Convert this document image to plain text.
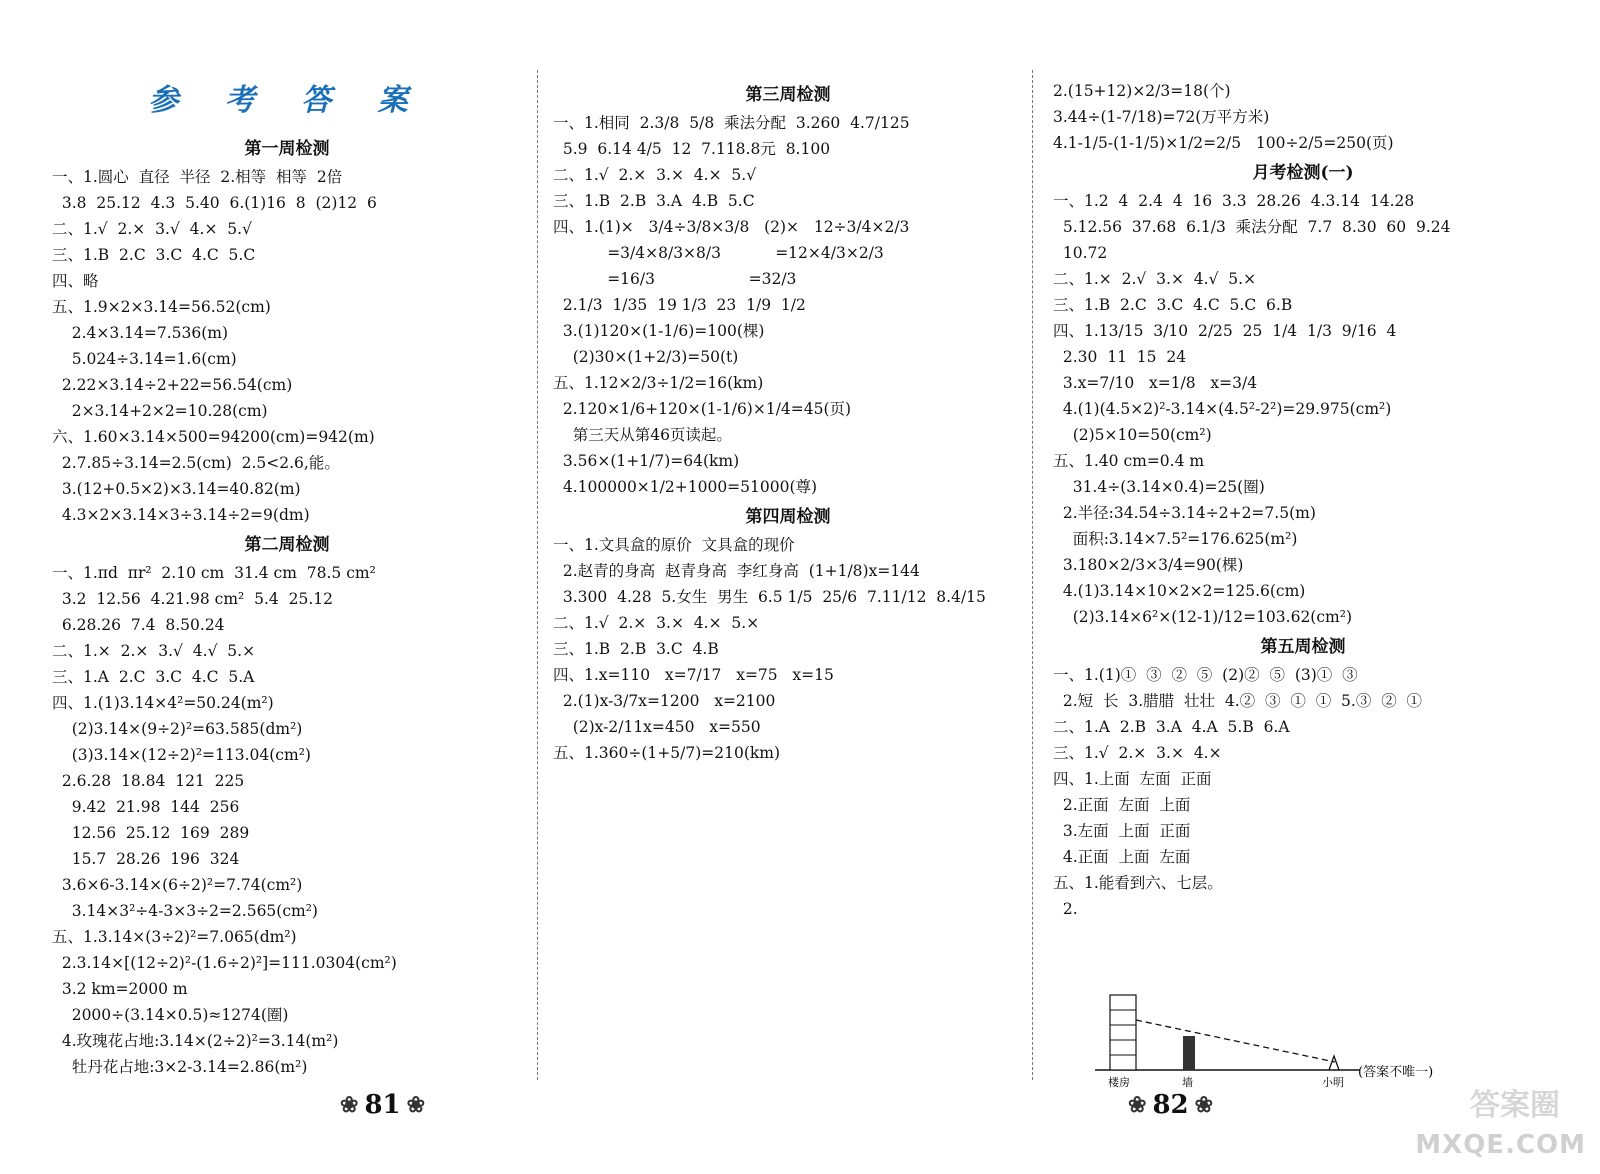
参 考 答 案
第一周检测
一、1.圆心  直径  半径  2.相等  相等  2倍
3.8  25.12  4.3  5.40  6.(1)16  8  (2)12  6
二、1.√  2.×  3.√  4.×  5.√
三、1.B  2.C  3.C  4.C  5.C
四、略
五、1.9×2×3.14=56.52(cm)
2.4×3.14=7.536(m)
5.024÷3.14=1.6(cm)
2.22×3.14÷2+22=56.54(cm)
2×3.14+2×2=10.28(cm)
六、1.60×3.14×500=94200(cm)=942(m)
2.7.85÷3.14=2.5(cm)  2.5<2.6,能。
3.(12+0.5×2)×3.14=40.82(m)
4.3×2×3.14×3÷3.14÷2=9(dm)
第二周检测
一、1.πd  πr²  2.10 cm  31.4 cm  78.5 cm²
3.2  12.56  4.21.98 cm²  5.4  25.12
6.28.26  7.4  8.50.24
二、1.×  2.×  3.√  4.√  5.×
三、1.A  2.C  3.C  4.C  5.A
四、1.(1)3.14×4²=50.24(m²)
(2)3.14×(9÷2)²=63.585(dm²)
(3)3.14×(12÷2)²=113.04(cm²)
2.6.28  18.84  121  225
9.42  21.98  144  256
12.56  25.12  169  289
15.7  28.26  196  324
3.6×6-3.14×(6÷2)²=7.74(cm²)
3.14×3²÷4-3×3÷2=2.565(cm²)
五、1.3.14×(3÷2)²=7.065(dm²)
2.3.14×[(12÷2)²-(1.6÷2)²]=111.0304(cm²)
3.2 km=2000 m
2000÷(3.14×0.5)≈1274(圈)
4.玫瑰花占地:3.14×(2÷2)²=3.14(m²)
牡丹花占地:3×2-3.14=2.86(m²)
第三周检测
一、1.相同  2.3/8  5/8  乘法分配  3.260  4.7/125
5.9  6.14 4/5  12  7.118.8元  8.100
二、1.√  2.×  3.×  4.×  5.√
三、1.B  2.B  3.A  4.B  5.C
四、1.(1)×   3/4÷3/8×3/8   (2)×   12÷3/4×2/3
=3/4×8/3×8/3           =12×4/3×2/3
=16/3                   =32/3
2.1/3  1/35  19 1/3  23  1/9  1/2
3.(1)120×(1-1/6)=100(棵)
(2)30×(1+2/3)=50(t)
五、1.12×2/3÷1/2=16(km)
2.120×1/6+120×(1-1/6)×1/4=45(页)
第三天从第46页读起。
3.56×(1+1/7)=64(km)
4.100000×1/2+1000=51000(尊)
第四周检测
一、1.文具盒的原价  文具盒的现价
2.赵青的身高  赵青身高  李红身高  (1+1/8)x=144
3.300  4.28  5.女生  男生  6.5 1/5  25/6  7.11/12  8.4/15
二、1.√  2.×  3.×  4.×  5.×
三、1.B  2.B  3.C  4.B
四、1.x=110   x=7/17   x=75   x=15
2.(1)x-3/7x=1200   x=2100
(2)x-2/11x=450   x=550
五、1.360÷(1+5/7)=210(km)
2.(15+12)×2/3=18(个)
3.44÷(1-7/18)=72(万平方米)
4.1-1/5-(1-1/5)×1/2=2/5   100÷2/5=250(页)
月考检测(一)
一、1.2  4  2.4  4  16  3.3  28.26  4.3.14  14.28
5.12.56  37.68  6.1/3  乘法分配  7.7  8.30  60  9.24
10.72
二、1.×  2.√  3.×  4.√  5.×
三、1.B  2.C  3.C  4.C  5.C  6.B
四、1.13/15  3/10  2/25  25  1/4  1/3  9/16  4
2.30  11  15  24
3.x=7/10   x=1/8   x=3/4
4.(1)(4.5×2)²-3.14×(4.5²-2²)=29.975(cm²)
(2)5×10=50(cm²)
五、1.40 cm=0.4 m
31.4÷(3.14×0.4)=25(圈)
2.半径:34.54÷3.14÷2+2=7.5(m)
面积:3.14×7.5²=176.625(m²)
3.180×2/3×3/4=90(棵)
4.(1)3.14×10×2×2=125.6(cm)
(2)3.14×6²×(12-1)/12=103.62(cm²)
第五周检测
一、1.(1)①  ③  ②  ⑤  (2)②  ⑤  (3)①  ③
2.短  长  3.腊腊  壮壮  4.②  ③  ①  ①  5.③  ②  ①
二、1.A  2.B  3.A  4.A  5.B  6.A
三、1.√  2.×  3.×  4.×
四、1.上面  左面  正面
2.正面  左面  上面
3.左面  上面  正面
4.正面  上面  左面
五、1.能看到六、七层。
2.
楼房	墙	小明
(答案不唯一)
❀ 81 ❀	❀ 82 ❀	答案圈
MXQE.COM
